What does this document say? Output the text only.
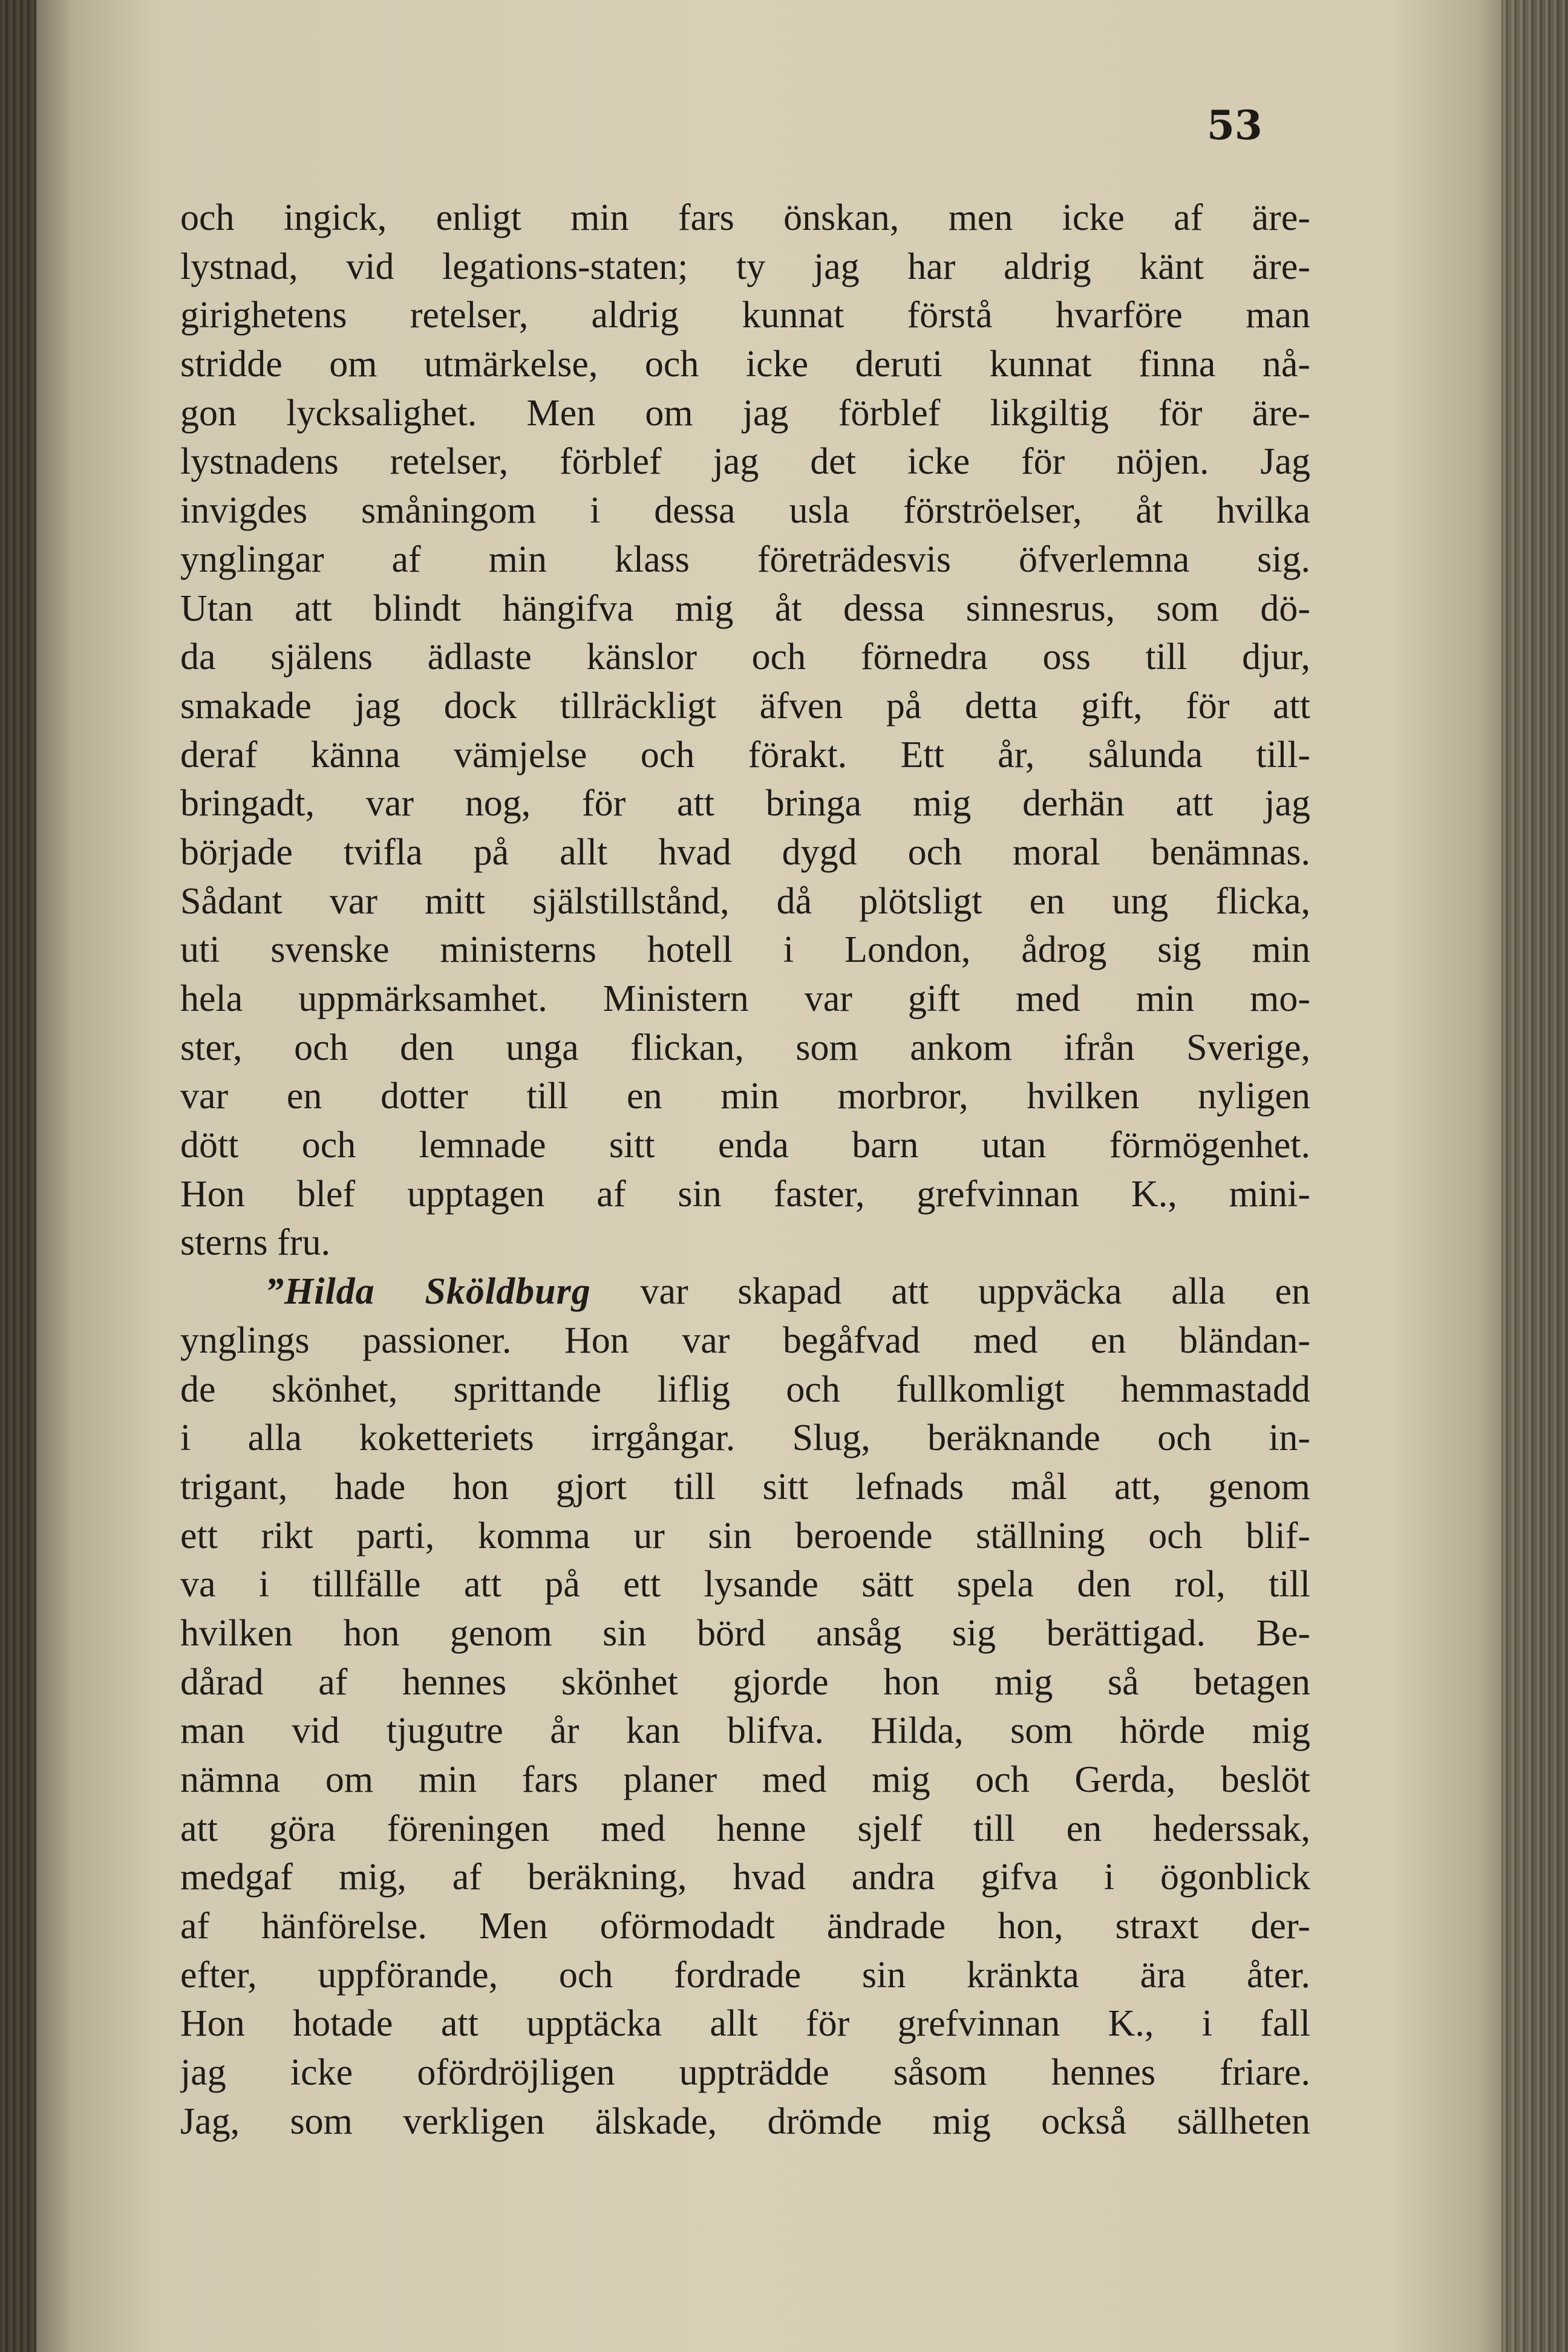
53
och ingick, enligt min fars önskan, men icke af äre-
lystnad, vid legations-staten; ty jag har aldrig känt äre-
girighetens retelser, aldrig kunnat förstå hvarföre man
stridde om utmärkelse, och icke deruti kunnat finna nå-
gon lycksalighet. Men om jag förblef likgiltig för äre-
lystnadens retelser, förblef jag det icke för nöjen. Jag
invigdes småningom i dessa usla förströelser, åt hvilka
ynglingar af min klass företrädesvis öfverlemna sig.
Utan att blindt hängifva mig åt dessa sinnesrus, som dö-
da själens ädlaste känslor och förnedra oss till djur,
smakade jag dock tillräckligt äfven på detta gift, för att
deraf känna vämjelse och förakt. Ett år, sålunda till-
bringadt, var nog, för att bringa mig derhän att jag
började tvifla på allt hvad dygd och moral benämnas.
Sådant var mitt själstillstånd, då plötsligt en ung flicka,
uti svenske ministerns hotell i London, ådrog sig min
hela uppmärksamhet. Ministern var gift med min mo-
ster, och den unga flickan, som ankom ifrån Sverige,
var en dotter till en min morbror, hvilken nyligen
dött och lemnade sitt enda barn utan förmögenhet.
Hon blef upptagen af sin faster, grefvinnan K., mini-
sterns fru.
”Hilda Sköldburg var skapad att uppväcka alla en
ynglings passioner. Hon var begåfvad med en bländan-
de skönhet, sprittande liflig och fullkomligt hemmastadd
i alla koketteriets irrgångar. Slug, beräknande och in-
trigant, hade hon gjort till sitt lefnads mål att, genom
ett rikt parti, komma ur sin beroende ställning och blif-
va i tillfälle att på ett lysande sätt spela den rol, till
hvilken hon genom sin börd ansåg sig berättigad. Be-
dårad af hennes skönhet gjorde hon mig så betagen
man vid tjugutre år kan blifva. Hilda, som hörde mig
nämna om min fars planer med mig och Gerda, beslöt
att göra föreningen med henne sjelf till en hederssak,
medgaf mig, af beräkning, hvad andra gifva i ögonblick
af hänförelse. Men oförmodadt ändrade hon, straxt der-
efter, uppförande, och fordrade sin kränkta ära åter.
Hon hotade att upptäcka allt för grefvinnan K., i fall
jag icke ofördröjligen uppträdde såsom hennes friare.
Jag, som verkligen älskade, drömde mig också sällheten
